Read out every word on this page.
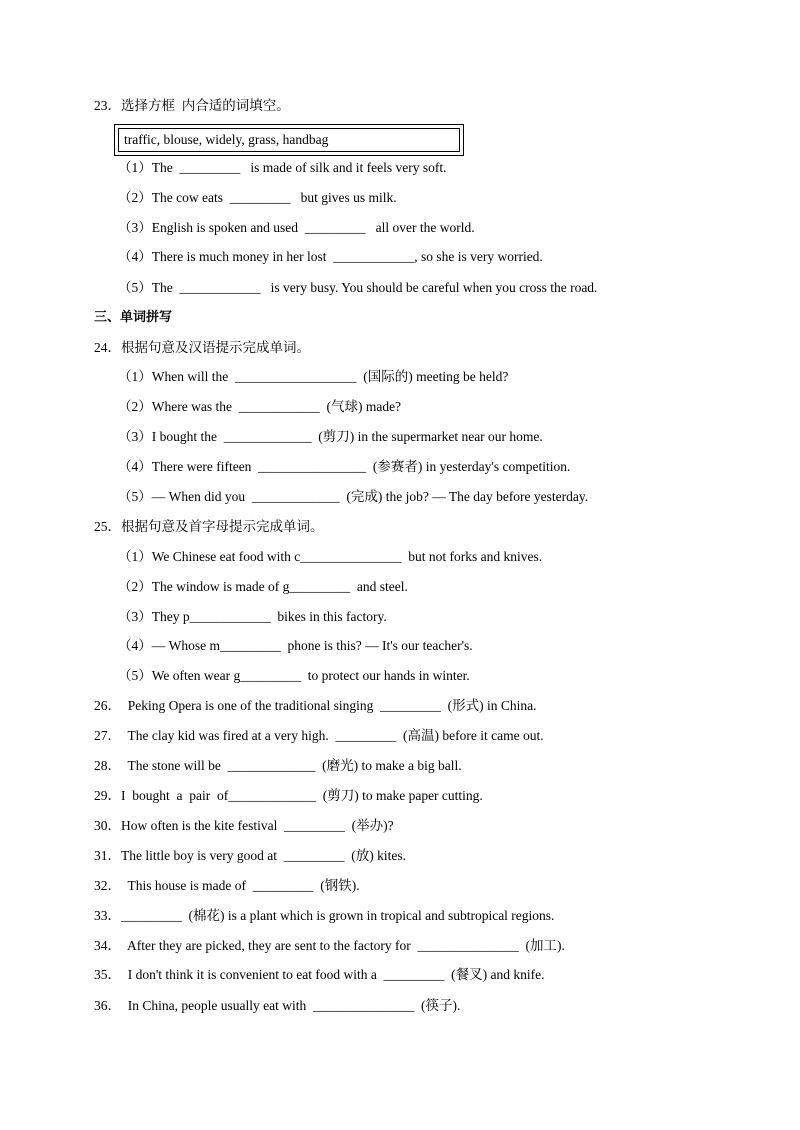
23．选择方框  内合适的词填空。
traffic, blouse, widely, grass, handbag
（1）The  _________   is made of silk and it feels very soft.
（2）The cow eats  _________   but gives us milk.
（3）English is spoken and used  _________   all over the world.
（4）There is much money in her lost  ____________, so she is very worried.
（5）The  ____________   is very busy. You should be careful when you cross the road.
三、单词拼写
24．根据句意及汉语提示完成单词。
（1）When will the  __________________  (国际的) meeting be held?
（2）Where was the  ____________  (气球) made?
（3）I bought the  _____________  (剪刀) in the supermarket near our home.
（4）There were fifteen  ________________  (参赛者) in yesterday's competition.
（5）— When did you  _____________  (完成) the job? — The day before yesterday.
25．根据句意及首字母提示完成单词。
（1）We Chinese eat food with c_______________  but not forks and knives.
（2）The window is made of g_________  and steel.
（3）They p____________  bikes in this factory.
（4）— Whose m_________  phone is this? — It's our teacher's.
（5）We often wear g_________  to protect our hands in winter.
26．  Peking Opera is one of the traditional singing  _________  (形式) in China.
27．  The clay kid was fired at a very high.  _________  (高温) before it came out.
28．  The stone will be  _____________  (磨光) to make a big ball.
29．I  bought  a  pair  of_____________  (剪刀) to make paper cutting.
30．How often is the kite festival  _________  (举办)?
31．The little boy is very good at  _________  (放) kites.
32．  This house is made of  _________  (钢铁).
33．_________  (棉花) is a plant which is grown in tropical and subtropical regions.
34．  After they are picked, they are sent to the factory for  _______________  (加工).
35．  I don't think it is convenient to eat food with a  _________  (餐叉) and knife.
36．  In China, people usually eat with  _______________  (筷子).
